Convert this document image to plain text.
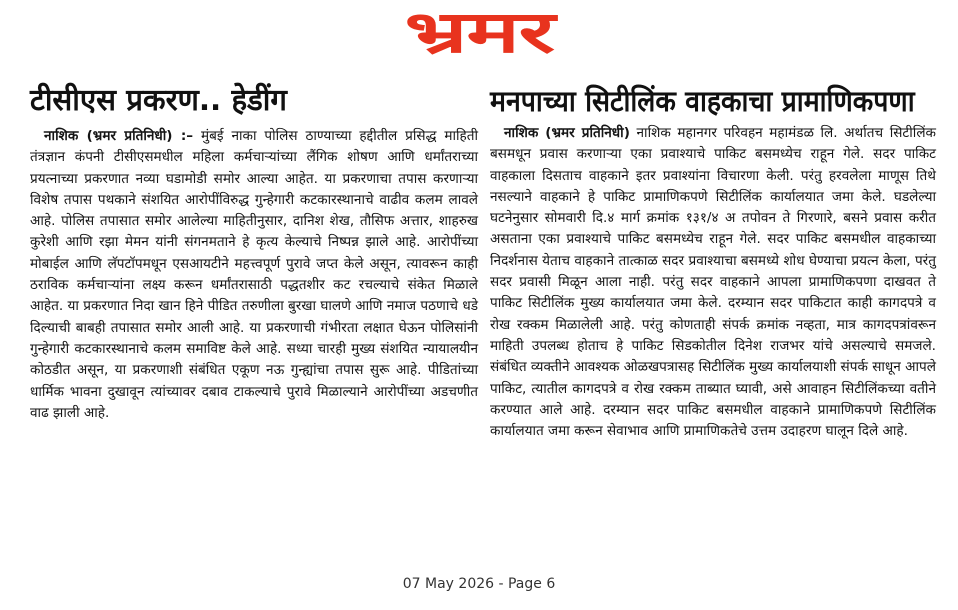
भ्रमर
टीसीएस प्रकरण.. हेडींग

नाशिक (भ्रमर प्रतिनिधी) :– मुंबई नाका पोलिस ठाण्याच्या हद्दीतील प्रसिद्ध माहिती तंत्रज्ञान कंपनी टीसीएसमधील महिला कर्मचाऱ्यांच्या लैंगिक शोषण आणि धर्मांतराच्या प्रयत्नाच्या प्रकरणात नव्या घडामोडी समोर आल्या आहेत. या प्रकरणाचा तपास करणाऱ्या विशेष तपास पथकाने संशयित आरोपींविरुद्ध गुन्हेगारी कटकारस्थानाचे वाढीव कलम लावले आहे. पोलिस तपासात समोर आलेल्या माहितीनुसार, दानिश शेख, तौसिफ अत्तार, शाहरुख कुरेशी आणि रझा मेमन यांनी संगनमताने हे कृत्य केल्याचे निष्पन्न झाले आहे. आरोपींच्या मोबाईल आणि लॅपटॉपमधून एसआयटीने महत्त्वपूर्ण पुरावे जप्त केले असून, त्यावरून काही ठराविक कर्मचाऱ्यांना लक्ष्य करून धर्मांतरासाठी पद्धतशीर कट रचल्याचे संकेत मिळाले आहेत. या प्रकरणात निदा खान हिने पीडित तरुणीला बुरखा घालणे आणि नमाज पठणाचे धडे दिल्याची बाबही तपासात समोर आली आहे. या प्रकरणाची गंभीरता लक्षात घेऊन पोलिसांनी गुन्हेगारी कटकारस्थानाचे कलम समाविष्ट केले आहे. सध्या चारही मुख्य संशयित न्यायालयीन कोठडीत असून, या प्रकरणाशी संबंधित एकूण नऊ गुन्ह्यांचा तपास सुरू आहे. पीडितांच्या धार्मिक भावना दुखावून त्यांच्यावर दबाव टाकल्याचे पुरावे मिळाल्याने आरोपींच्या अडचणीत वाढ झाली आहे.

मनपाच्या सिटीलिंक वाहकाचा प्रामाणिकपणा

नाशिक (भ्रमर प्रतिनिधी) नाशिक महानगर परिवहन महामंडळ लि. अर्थातच सिटीलिंक बसमधून प्रवास करणाऱ्या एका प्रवाश्याचे पाकिट बसमध्येच राहून गेले. सदर पाकिट वाहकाला दिसताच वाहकाने इतर प्रवाश्यांना विचारणा केली. परंतु हरवलेला माणूस तिथे नसल्याने वाहकाने हे पाकिट प्रामाणिकपणे सिटीलिंक कार्यालयात जमा केले. घडलेल्या घटनेनुसार सोमवारी दि.४ मार्ग क्रमांक १३१/४ अ तपोवन ते गिरणारे, बसने प्रवास करीत असताना एका प्रवाश्याचे पाकिट बसमध्येच राहून गेले. सदर पाकिट बसमधील वाहकाच्या निदर्शनास येताच वाहकाने तात्काळ सदर प्रवाश्याचा बसमध्ये शोध घेण्याचा प्रयत्न केला, परंतु सदर प्रवासी मिळून आला नाही. परंतु सदर वाहकाने आपला प्रामाणिकपणा दाखवत ते पाकिट सिटीलिंक मुख्य कार्यालयात जमा केले. दरम्यान सदर पाकिटात काही कागदपत्रे व रोख रक्कम मिळालेली आहे. परंतु कोणताही संपर्क क्रमांक नव्हता, मात्र कागदपत्रांवरून माहिती उपलब्ध होताच हे पाकिट सिडकोतील दिनेश राजभर यांचे असल्याचे समजले. संबंधित व्यक्तीने आवश्यक ओळखपत्रासह सिटीलिंक मुख्य कार्यालयाशी संपर्क साधून आपले पाकिट, त्यातील कागदपत्रे व रोख रक्कम ताब्यात घ्यावी, असे आवाहन सिटीलिंकच्या वतीने करण्यात आले आहे. दरम्यान सदर पाकिट बसमधील वाहकाने प्रामाणिकपणे सिटीलिंक कार्यालयात जमा करून सेवाभाव आणि प्रामाणिकतेचे उत्तम उदाहरण घालून दिले आहे.

07 May 2026 - Page 6
